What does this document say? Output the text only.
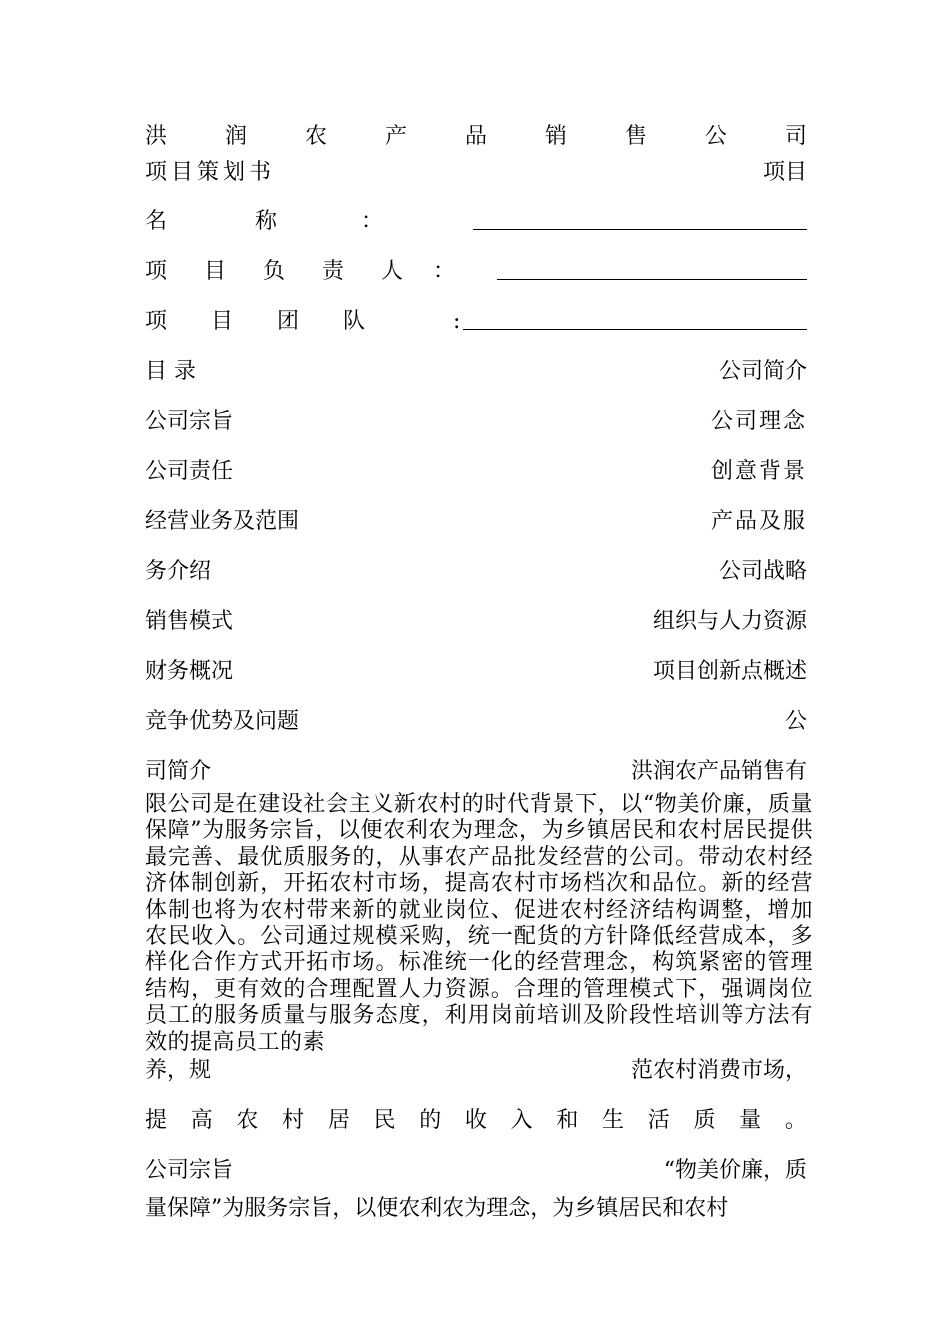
洪	润	农	产	品	销	售	公	司
项目策划书	项目
名	称	：
项 目 负 责 人 ：
项 目 团 队	:
目 录	公司简介
公司宗旨	公司理念
公司责任	创意背景
经营业务及范围	产品及服
务介绍	公司战略
销售模式	组织与人力资源
财务概况	项目创新点概述
竞争优势及问题	公
司简介	洪润农产品销售有
限公司是在建设社会主义新农村的时代背景下，以“物美价廉，质量保障”为服务宗旨，以便农利农为理念，为乡镇居民和农村居民提供最完善、最优质服务的，从事农产品批发经营的公司。带动农村经济体制创新，开拓农村市场，提高农村市场档次和品位。新的经营体制也将为农村带来新的就业岗位、促进农村经济结构调整，增加农民收入。公司通过规模采购，统一配货的方针降低经营成本，多样化合作方式开拓市场。标准统一化的经营理念，构筑紧密的管理结构，更有效的合理配置人力资源。合理的管理模式下，强调岗位员工的服务质量与服务态度，利用岗前培训及阶段性培训等方法有效的提高员工的素
养，规	范农村消费市场，
提 高 农 村 居 民 的 收 入 和 生 活 质 量 。
公司宗旨	“物美价廉，质
量保障”为服务宗旨，以便农利农为理念，为乡镇居民和农村
